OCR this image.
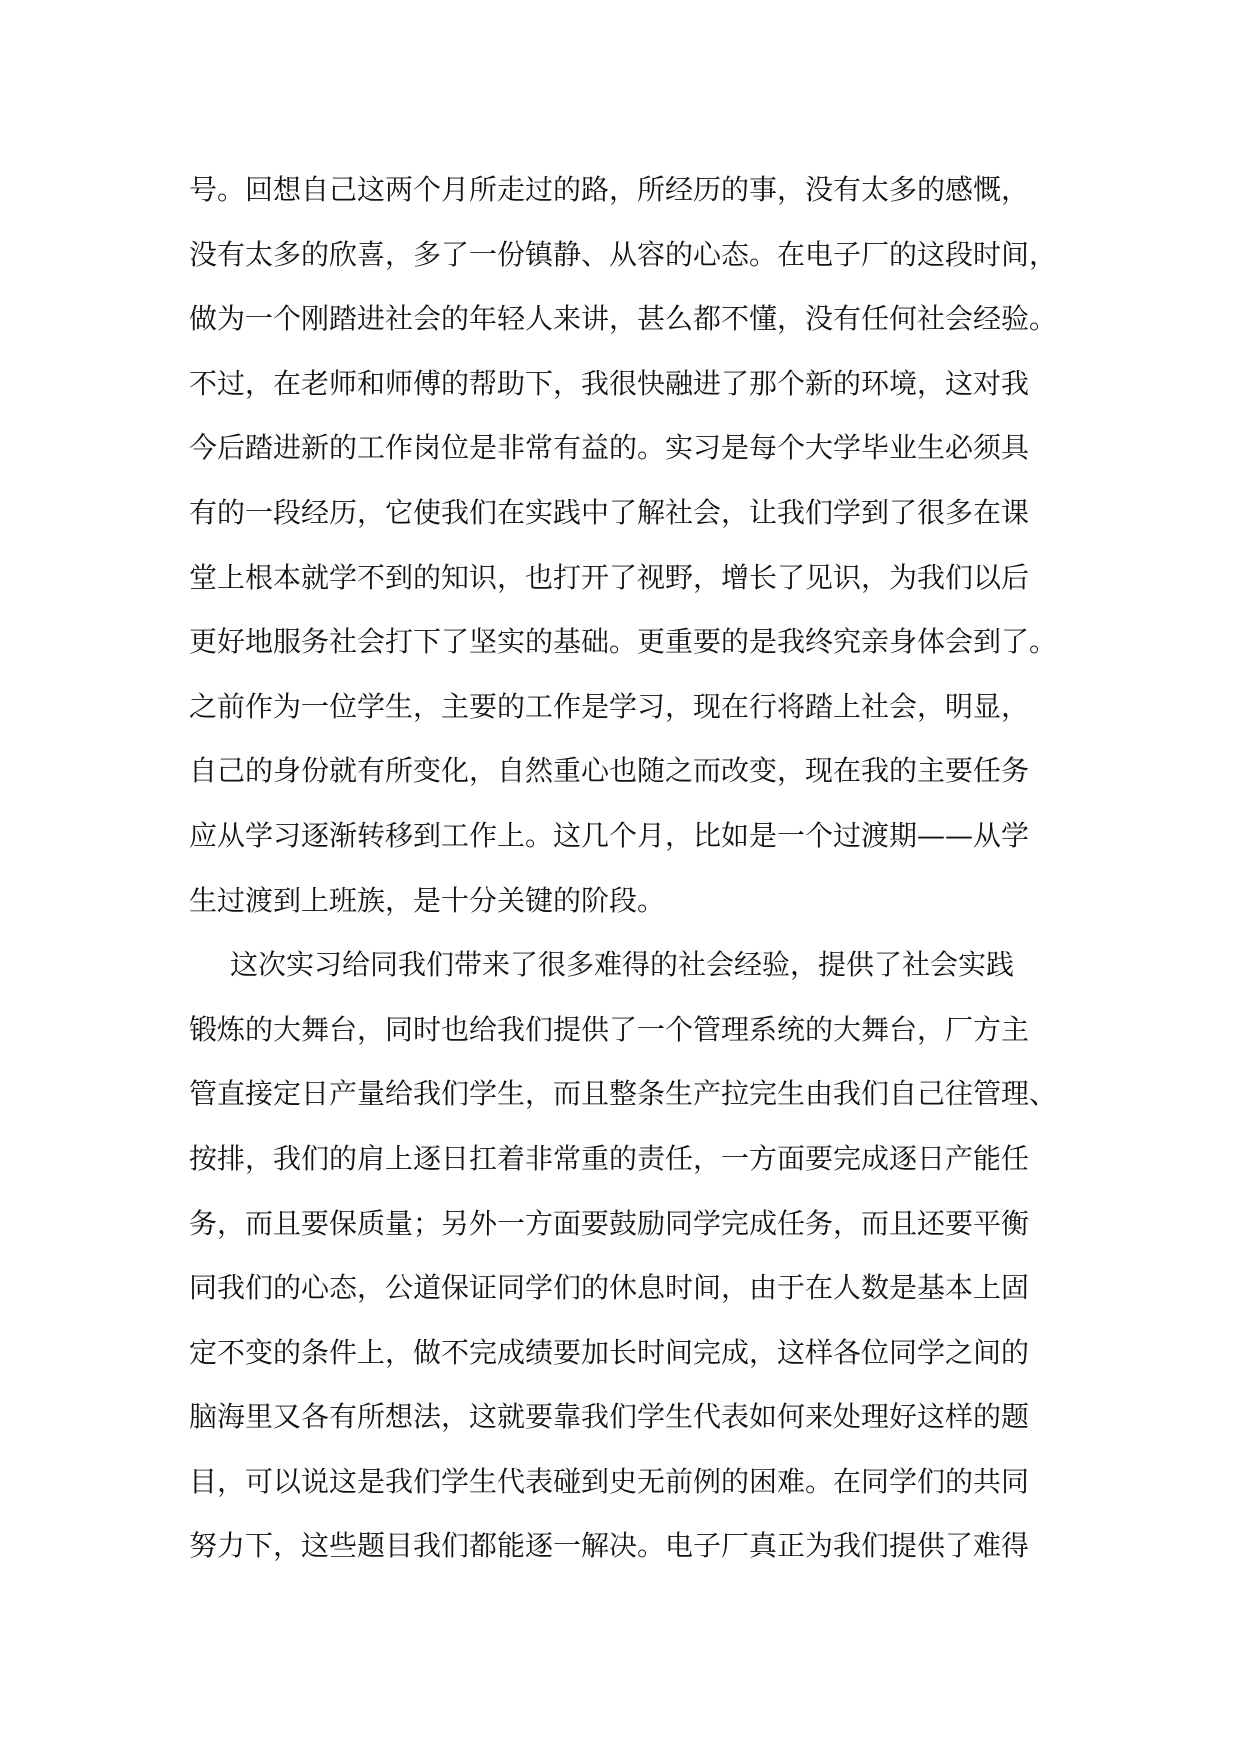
号。回想自己这两个月所走过的路，所经历的事，没有太多的感慨，
没有太多的欣喜，多了一份镇静、从容的心态。在电子厂的这段时间，
做为一个刚踏进社会的年轻人来讲，甚么都不懂，没有任何社会经验。
不过，在老师和师傅的帮助下，我很快融进了那个新的环境，这对我
今后踏进新的工作岗位是非常有益的。实习是每个大学毕业生必须具
有的一段经历，它使我们在实践中了解社会，让我们学到了很多在课
堂上根本就学不到的知识，也打开了视野，增长了见识，为我们以后
更好地服务社会打下了坚实的基础。更重要的是我终究亲身体会到了。
之前作为一位学生，主要的工作是学习，现在行将踏上社会，明显，
自己的身份就有所变化，自然重心也随之而改变，现在我的主要任务
应从学习逐渐转移到工作上。这几个月，比如是一个过渡期——从学
生过渡到上班族，是十分关键的阶段。
这次实习给同我们带来了很多难得的社会经验，提供了社会实践
锻炼的大舞台，同时也给我们提供了一个管理系统的大舞台，厂方主
管直接定日产量给我们学生，而且整条生产拉完生由我们自己往管理、
按排，我们的肩上逐日扛着非常重的责任，一方面要完成逐日产能任
务，而且要保质量；另外一方面要鼓励同学完成任务，而且还要平衡
同我们的心态，公道保证同学们的休息时间，由于在人数是基本上固
定不变的条件上，做不完成绩要加长时间完成，这样各位同学之间的
脑海里又各有所想法，这就要靠我们学生代表如何来处理好这样的题
目，可以说这是我们学生代表碰到史无前例的困难。在同学们的共同
努力下，这些题目我们都能逐一解决。电子厂真正为我们提供了难得
